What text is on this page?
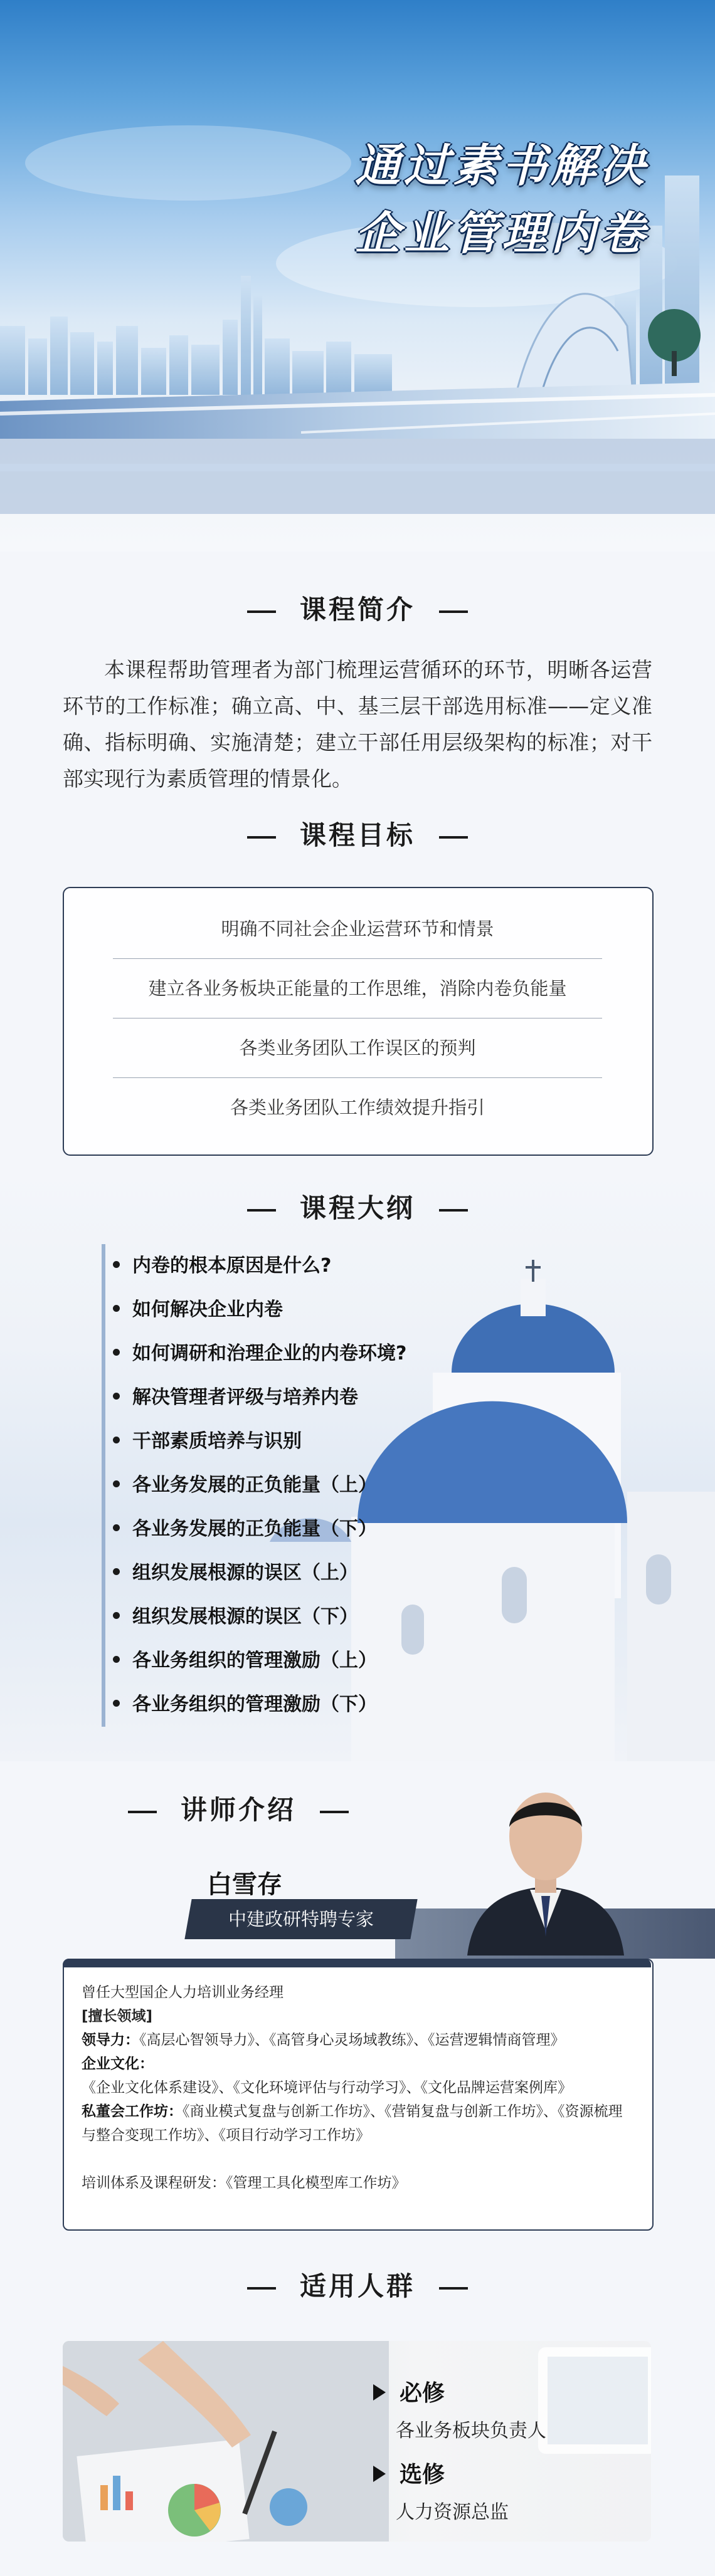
通过素书解决
企业管理内卷
课程简介
本课程帮助管理者为部门梳理运营循环的环节，明晰各运营环节的工作标准；确立高、中、基三层干部选用标准——定义准确、指标明确、实施清楚；建立干部任用层级架构的标准；对干部实现行为素质管理的情景化。
课程目标
明确不同社会企业运营环节和情景
建立各业务板块正能量的工作思维，消除内卷负能量
各类业务团队工作误区的预判
各类业务团队工作绩效提升指引
课程大纲
内卷的根本原因是什么?
如何解决企业内卷
如何调研和治理企业的内卷环境?
解决管理者评级与培养内卷
干部素质培养与识别
各业务发展的正负能量（上）
各业务发展的正负能量（下）
组织发展根源的误区（上）
组织发展根源的误区（下）
各业务组织的管理激励（上）
各业务组织的管理激励（下）
讲师介绍
白雪存
中建政研特聘专家
曾任大型国企人力培训业务经理
[擅长领域]
领导力：《高层心智领导力》、《高管身心灵场域教练》、《运营逻辑情商管理》
企业文化：《企业文化体系建设》、《文化环境评估与行动学习》、《文化品牌运营案例库》
私董会工作坊：《商业模式复盘与创新工作坊》、《营销复盘与创新工作坊》、《资源梳理与整合变现工作坊》、《项目行动学习工作坊》
培训体系及课程研发：《管理工具化模型库工作坊》
适用人群
必修
各业务板块负责人
选修
人力资源总监
